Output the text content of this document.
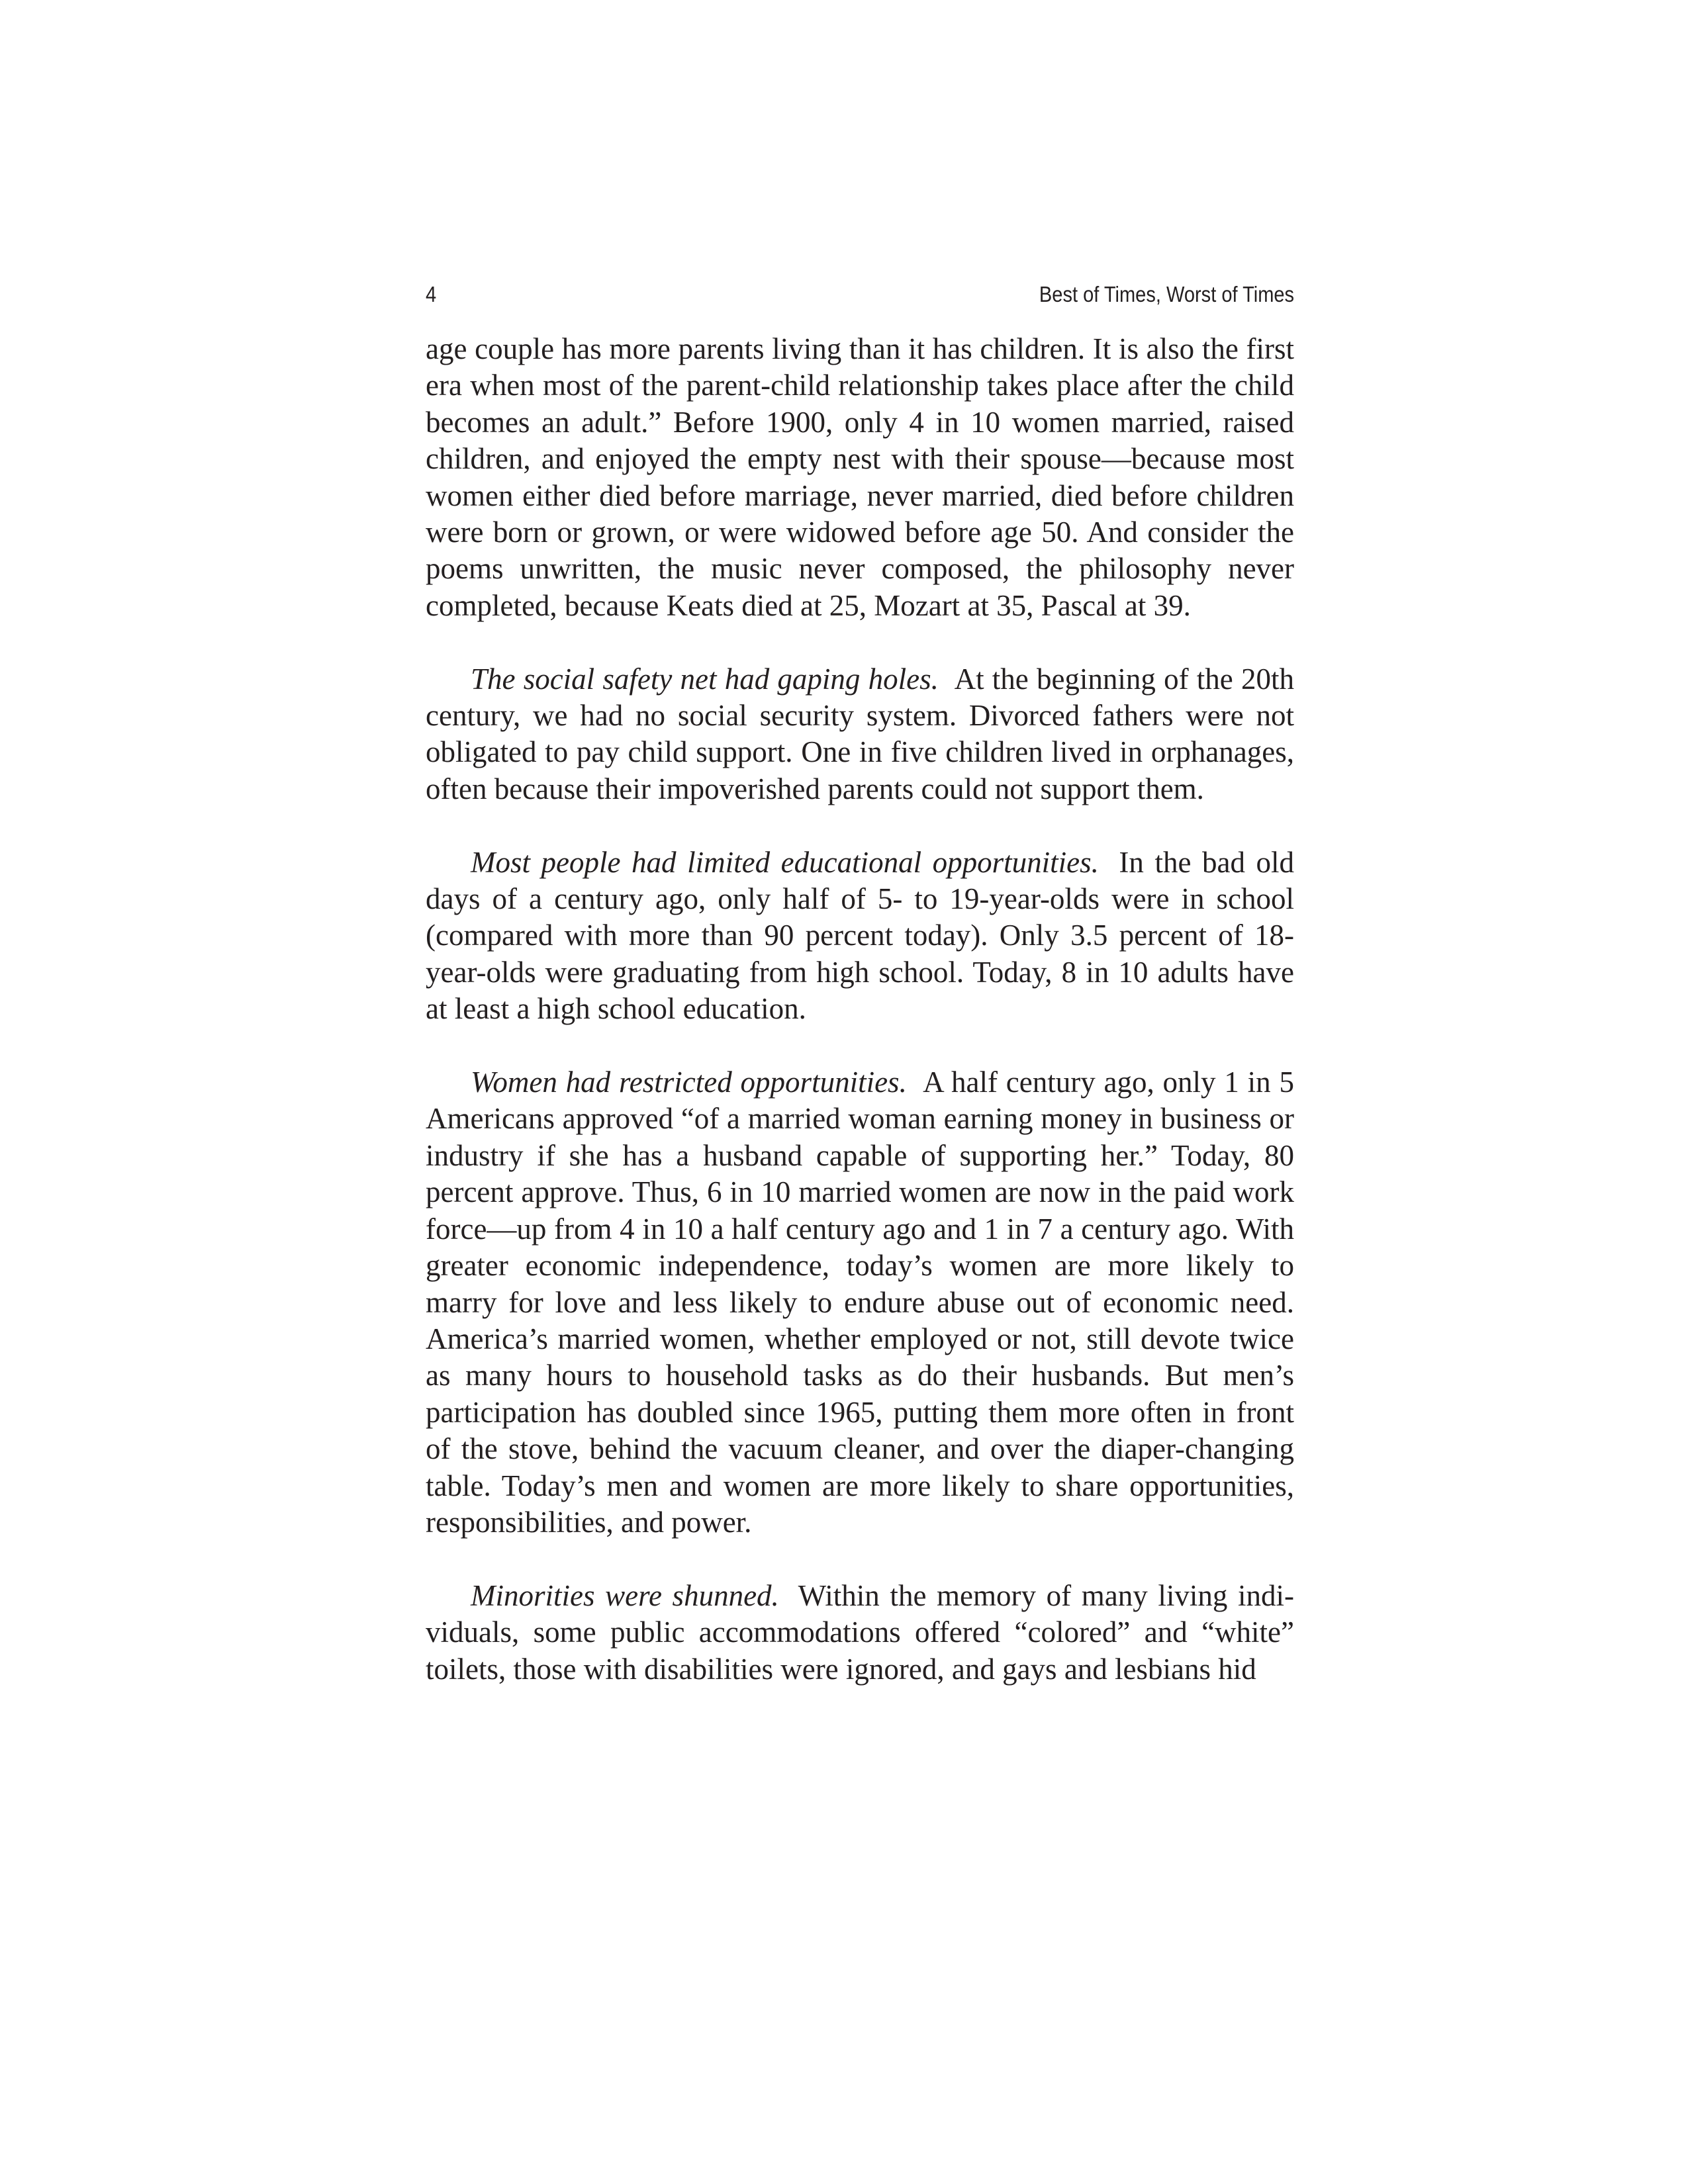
4	Best of Times, Worst of Times

age couple has more parents living than it has children. It is also the first era when most of the parent-child relationship takes place after the child becomes an adult.” Before 1900, only 4 in 10 women married, raised children, and enjoyed the empty nest with their spouse—because most women either died before marriage, never married, died before children were born or grown, or were widowed before age 50. And consider the poems unwritten, the music never composed, the philosophy never completed, because Keats died at 25, Mozart at 35, Pascal at 39.

The social safety net had gaping holes. At the beginning of the 20th century, we had no social security system. Divorced fathers were not obligated to pay child support. One in five children lived in orphanages, often because their impoverished parents could not support them.

Most people had limited educational opportunities. In the bad old days of a century ago, only half of 5- to 19-year-olds were in school (compared with more than 90 percent today). Only 3.5 percent of 18-year-olds were graduating from high school. Today, 8 in 10 adults have at least a high school education.

Women had restricted opportunities. A half century ago, only 1 in 5 Americans approved “of a married woman earning money in business or industry if she has a husband capable of supporting her.” Today, 80 percent approve. Thus, 6 in 10 married women are now in the paid work force—up from 4 in 10 a half century ago and 1 in 7 a century ago. With greater economic independence, today’s women are more likely to marry for love and less likely to endure abuse out of economic need. America’s married women, whether employed or not, still devote twice as many hours to household tasks as do their husbands. But men’s participation has doubled since 1965, putting them more often in front of the stove, behind the vacuum cleaner, and over the diaper-changing table. Today’s men and women are more likely to share opportunities, responsibilities, and power.

Minorities were shunned. Within the memory of many living individuals, some public accommodations offered “colored” and “white” toilets, those with disabilities were ignored, and gays and lesbians hid
